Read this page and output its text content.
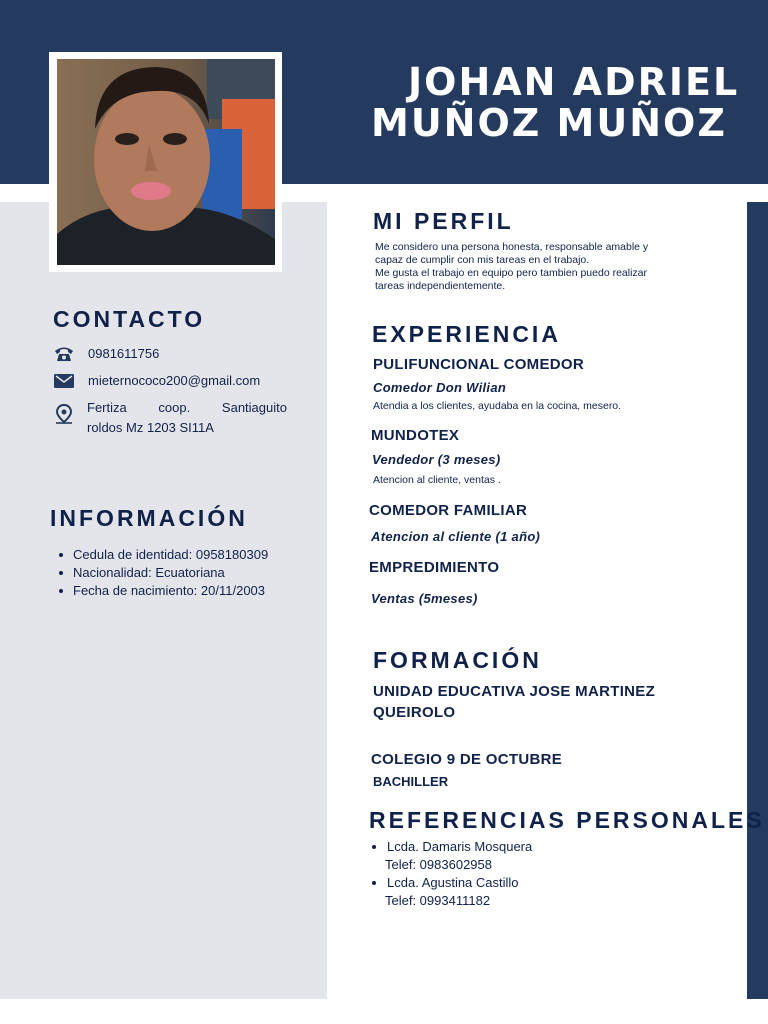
JOHAN ADRIEL
MUÑOZ MUÑOZ
MI PERFIL
Me considero una persona honesta, responsable amable y
capaz de cumplir con mis tareas en el trabajo.
Me gusta el trabajo en equipo pero tambien puedo realizar
tareas independientemente.
CONTACTO
0981611756
mieternococo200@gmail.com
Fertiza coop. Santiaguito
roldos Mz 1203 SI11A
INFORMACIÓN
Cedula de identidad: 0958180309
Nacionalidad: Ecuatoriana
Fecha de nacimiento: 20/11/2003
EXPERIENCIA
PULIFUNCIONAL COMEDOR
Comedor Don Wilian
Atendia a los clientes, ayudaba en la cocina, mesero.
MUNDOTEX
Vendedor (3 meses)
Atencion al cliente, ventas .
COMEDOR FAMILIAR
Atencion al cliente (1 año)
EMPREDIMIENTO
Ventas (5meses)
FORMACIÓN
UNIDAD EDUCATIVA JOSE MARTINEZ
QUEIROLO
COLEGIO 9 DE OCTUBRE
BACHILLER
REFERENCIAS PERSONALES
Lcda. Damaris Mosquera
Telef: 0983602958
Lcda. Agustina Castillo
Telef: 0993411182
